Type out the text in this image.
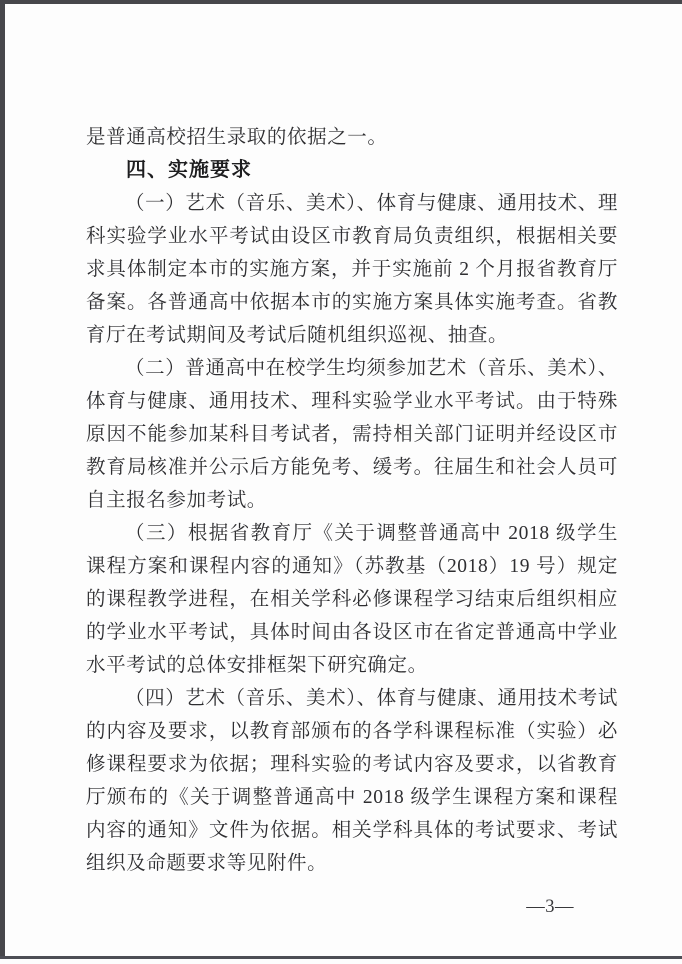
是普通高校招生录取的依据之一。

四、实施要求

（一）艺术（音乐、美术）、体育与健康、通用技术、理科实验学业水平考试由设区市教育局负责组织，根据相关要求具体制定本市的实施方案，并于实施前 2 个月报省教育厅备案。各普通高中依据本市的实施方案具体实施考查。省教育厅在考试期间及考试后随机组织巡视、抽查。

（二）普通高中在校学生均须参加艺术（音乐、美术）、体育与健康、通用技术、理科实验学业水平考试。由于特殊原因不能参加某科目考试者，需持相关部门证明并经设区市教育局核准并公示后方能免考、缓考。往届生和社会人员可自主报名参加考试。

（三）根据省教育厅《关于调整普通高中 2018 级学生课程方案和课程内容的通知》（苏教基（2018）19 号）规定的课程教学进程，在相关学科必修课程学习结束后组织相应的学业水平考试，具体时间由各设区市在省定普通高中学业水平考试的总体安排框架下研究确定。

（四）艺术（音乐、美术）、体育与健康、通用技术考试的内容及要求，以教育部颁布的各学科课程标准（实验）必修课程要求为依据；理科实验的考试内容及要求，以省教育厅颁布的《关于调整普通高中 2018 级学生课程方案和课程内容的通知》文件为依据。相关学科具体的考试要求、考试组织及命题要求等见附件。

—3—
